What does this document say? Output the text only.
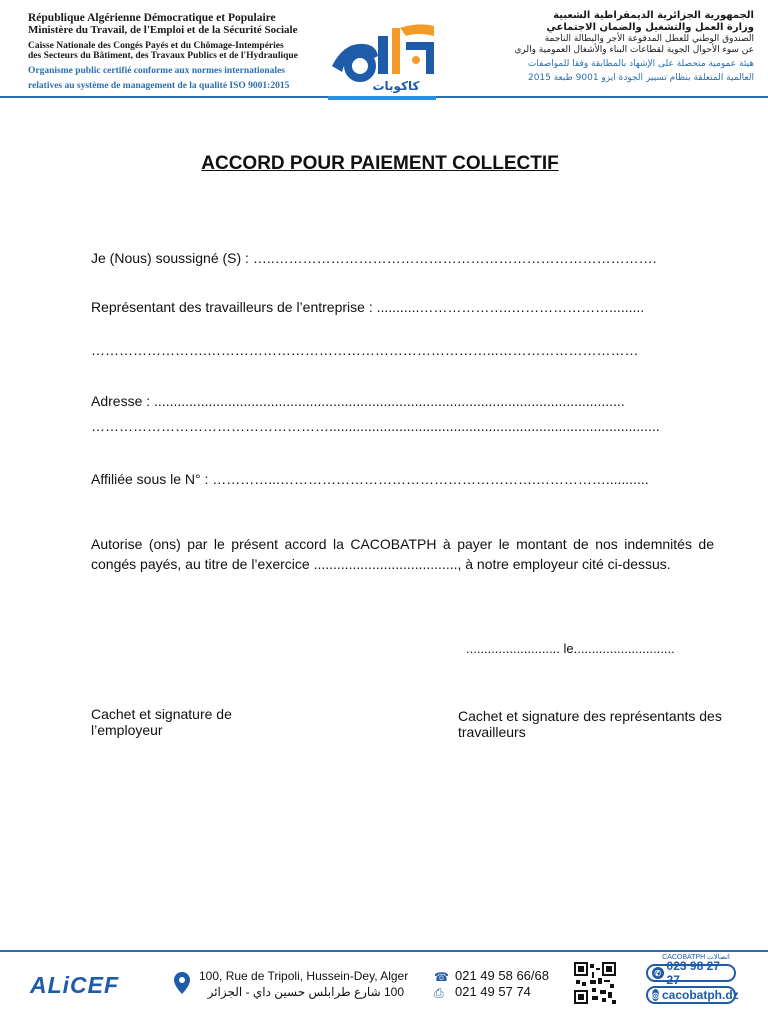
République Algérienne Démocratique et Populaire
Ministère du Travail, de l'Emploi et de la Sécurité Sociale
Caisse Nationale des Congés Payés et du Chômage-Intempéries
des Secteurs du Bâtiment, des Travaux Publics et de l'Hydraulique
Organisme public certifié conforme aux normes internationales
relatives au système de management de la qualité ISO 9001:2015	كاكوبات
الجمهورية الجزائرية الديمقراطية الشعبية
وزارة العمل والتشغيل والضمان الاجتماعي
الصندوق الوطني للعطل المدفوعة الأجر والبطالة الناجمة
عن سوء الأحوال الجوية لقطاعات البناء والأشغال العمومية والري
هيئة عمومية متحصلة على الإشهاد بالمطابقة وفقا للمواصفات
العالمية المتعلقة بنظام تسيير الجودة ايزو 9001 طبعة 2015
ACCORD POUR PAIEMENT COLLECTIF
Je (Nous) soussigné (S) : …..……………………………………………………………………….
Représentant des travailleurs de l’entreprise : ...........………………..………………….........
…………………….……………………………………………………...…………………………
Adresse : .........................................................................................................................
…………………………………………….....................................................................................
Affiliée sous le N° : …………...……………………………………………….……………...........
Autorise (ons) par le présent accord la CACOBATPH à payer le montant de nos indemnités de congés payés, au titre de l’exercice ....................................., à notre employeur cité ci-dessus.
.......................... le............................
Cachet et signature de l’employeur
Cachet et signature des représentants des travailleurs
ALiCEF	100, Rue de Tripoli, Hussein-Dey, Alger
100 شارع طرابلس حسين داي - الجزائر
☎
⎙
021 49 58 66/68
021 49 57 74
CACOBATPH اتصالات
✆ 023 98 27 27
◎ cacobatph.dz
